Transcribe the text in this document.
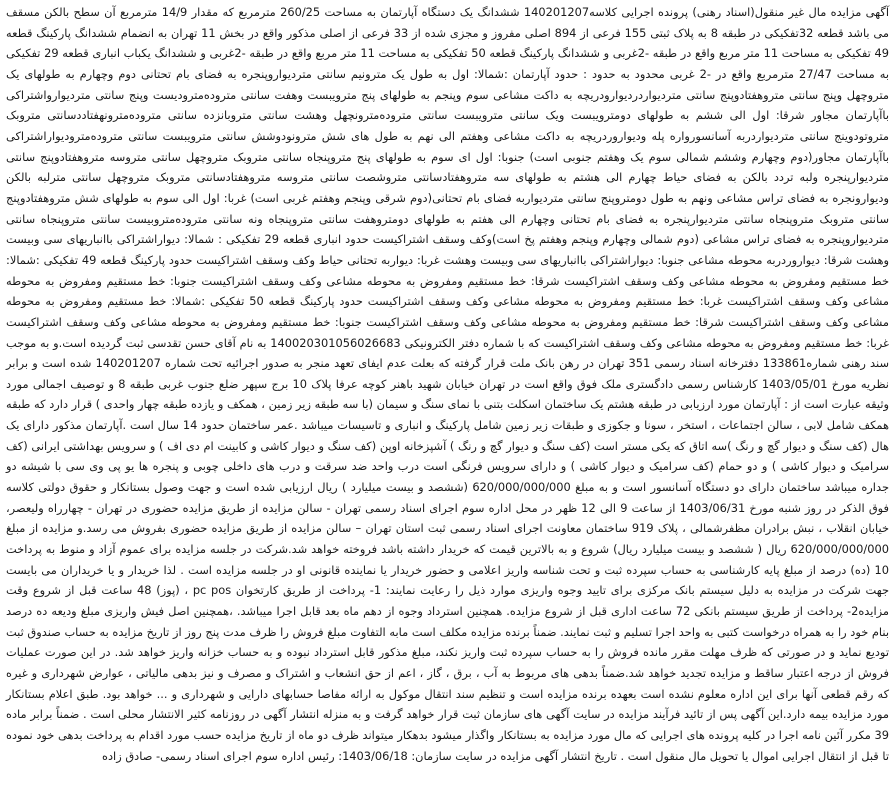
آگهی مزایده مال غیر منقول(اسناد رهنی) پرونده اجرایی کلاسه140201207 ششدانگ یک دستگاه آپارتمان به مساحت 260/25 مترمربع که مقدار 14/9 مترمربع آن سطح بالکن مسقف می باشد قطعه 32تفکیکی در طبقه 8 به پلاک ثبتی 155 فرعی از 894 اصلی مفروز و مجزی شده از 33 فرعی از اصلی مذکور واقع در بخش 11 تهران به انضمام ششدانگ پارکینگ قطعه 49 تفکیکی به مساحت 11 متر مربع واقع در طبقه -2غربی و ششدانگ پارکینگ قطعه 50 تفکیکی به مساحت 11 متر مربع واقع در طبقه -2غربی و ششدانگ یکباب انباری قطعه 29 تفکیکی به مساحت 27/47 مترمربع واقع در -2 غربی محدود به حدود : حدود آپارتمان :شمالا: اول به طول یک مترونیم سانتی متردیواروپنجره به فضای بام تحتانی دوم وچهارم به طولهای یک متروچهل وپنج سانتی متروهفتادوپنج سانتی متردیواردردیوارودریچه به داکت مشاعی سوم وپنجم به طولهای پنج مترویبست وهفت سانتی متروده‌مترودیست وپنج سانتی متردیوارواشتراکی باآپارتمان مجاور شرقا: اول الی ششم به طولهای دومترویبست ویک سانتی مترویبست سانتی متروده‌مترونچهل وهشت سانتی متروبانزده سانتی متروده‌مترونهفتاددسانتی متروبک متروتودوینج سانتی متردیواردربه آسانسورواره پله ودیواروردریچه به داکت مشاعی وهفتم الی نهم به طول های شش مترونودوشش سانتی مترویبست سانتی متروده‌مترودیواراشتراکی باآپارتمان مجاور(دوم وچهارم وششم شمالی سوم یک وهفتم جنوبی است) جنوبا: اول ای سوم به طولهای پنج متروپنجاه سانتی متروبک متروچهل سانتی متروسه متروهفتادوپنج سانتی متردیوارپنجره ولبه تردد بالکن به فضای حیاط چهارم الی هشتم به طولهای سه متروهفتادسانتی متروشصت سانتی متروسه متروهفتادسانتی متروبک متروچهل سانتی مترلبه بالکن ودیوارونجره به فضای تراس مشاعی ونهم به طول دومتروپنج سانتی متردیواربه فضای بام تحتانی(دوم شرقی وپنجم وهفتم غربی است) غربا: اول الی سوم به طولهای شش متروهفتادوپنج سانتی متروبک متروپنجاه سانتی متردیوارپنجره به فضای بام تحتانی وچهارم الی هفتم به طولهای دومتروهفت سانتی متروپنجاه ونه سانتی متروده‌متروبیست سانتی متروپنجاه سانتی متردیواروپنجره به فضای تراس مشاعی (دوم شمالی وچهارم وپنجم وهفتم پخ است)وکف وسقف اشتراکیست حدود انباری قطعه 29 تفکیکی : شمالا: دیواراشتراکی باانباریهای سی وبیست وهشت شرقا: دیواروردربه محوطه مشاعی جنوبا: دیواراشتراکی باانباریهای سی وبیست وهشت غربا: دیواربه تحتانی حیاط وکف وسقف اشتراکیست حدود پارکینگ قطعه 49 تفکیکی :شمالا: خط مستقیم ومفروض به محوطه مشاعی وکف وسقف اشتراکیست شرقا: خط مستقیم ومفروض به محوطه مشاعی وکف وسقف اشتراکیست جنوبا: خط مستقیم ومفروض به محوطه مشاعی وکف وسقف اشتراکیست غربا: خط مستقیم ومفروض به محوطه مشاعی وکف وسقف اشتراکیست حدود پارکینگ قطعه 50 تفکیکی :شمالا: خط مستقیم ومفروض به محوطه مشاعی وکف وسقف اشتراکیست شرقا: خط مستقیم ومفروض به محوطه مشاعی وکف وسقف اشتراکیست جنوبا: خط مستقیم ومفروض به محوطه مشاعی وکف وسقف اشتراکیست غربا: خط مستقیم ومفروض به محوطه مشاعی وکف وسقف اشتراکیست که با شماره دفتر الکترونیکی 140020301056026683 به نام آقای حسن تقدسی ثبت گردیده است.و به موجب سند رهنی شماره133861 دفترخانه اسناد رسمی 351 تهران در رهن بانک ملت قرار گرفته که بعلت عدم ایفای تعهد منجر به صدور اجرائیه تحت شماره 140201207 شده است و برابر نظریه مورخ 1403/05/01 کارشناس رسمی دادگستری ملک فوق واقع است در تهران خیابان شهید باهنر کوچه عرفا پلاک 10 برج سپهر ضلع جنوب غربی طبقه 8 و توصیف اجمالی مورد وثیقه عبارت است از : آپارتمان مورد ارزیابی در طبقه هشتم یک ساختمان اسکلت بتنی با نمای سنگ و سیمان (با سه طبقه زیر زمین ، همکف و یازده طبقه چهار واحدی ) قرار دارد که طبقه همکف شامل لابی ، سالن اجتماعات ، استخر ، سونا و جکوزی و طبقات زیر زمین شامل پارکینگ و انباری و تاسیسات میباشد .عمر ساختمان حدود 14 سال است .آپارتمان مذکور دارای یک هال (کف سنگ و دیوار گچ و رنگ )سه اتاق که یکی مستر است (کف سنگ و دیوار گچ و رنگ ) آشپزخانه اوپن (کف سنگ و دیوار کاشی و کابینت ام دی اف ) و سرویس بهداشتی ایرانی (کف سرامیک و دیوار کاشی ) و دو حمام (کف سرامیک و دیوار کاشی ) و دارای سرویس فرنگی است درب واحد ضد سرقت و درب های داخلی چوبی و پنجره ها یو پی وی سی با شیشه دو جداره میباشد ساختمان دارای دو دستگاه آسانسور است و به مبلغ 620/000/000/000 (ششصد و بیست میلیارد ) ریال ارزیابی شده است و جهت وصول بستانکار و حقوق دولتی کلاسه فوق الذکر در روز شنبه مورخ 1403/06/31 از ساعت 9 الی 12 ظهر در محل اداره سوم اجرای اسناد رسمی تهران - سالن مزایده از طریق مزایده حضوری در تهران - چهارراه ولیعصر، خیابان انقلاب ، نبش برادران مظفرشمالی ، پلاک 919 ساختمان معاونت اجرای اسناد رسمی ثبت استان تهران – سالن مزایده از طریق مزایده حضوری بفروش می رسد.و مزایده از مبلغ 620/000/000/000 ریال ( ششصد و بیست میلیارد ریال) شروع و به بالاترین قیمت که خریدار داشته باشد فروخته خواهد شد.شرکت در جلسه مزایده برای عموم آزاد و منوط به پرداخت 10 (ده) درصد از مبلغ پایه کارشناسی به حساب سپرده ثبت و تحت شناسه واریز اعلامی و حضور خریدار یا نماینده قانونی او در جلسه مزایده است . لذا خریدار و یا خریداران می بایست جهت شرکت در مزایده به دلیل سیستم بانک مرکزی برای تایید وجوه واریزی موارد ذیل را رعایت نمایند: 1- پرداخت از طریق کارتخوان pc pos ، (پوز) 48 ساعت قبل از شروع وقت مزایده2- پرداخت از طریق سیستم بانکی 72 ساعت اداری قبل از شروع مزایده. همچنین استرداد وجوه از دهم ماه بعد قابل اجرا میباشد. ،همچنین اصل فیش واریزی مبلغ ودیعه ده درصد بنام خود را به همراه درخواست کتبی به واحد اجرا تسلیم و ثبت نمایند. ضمناً برنده مزایده مکلف است مابه التفاوت مبلغ فروش را ظرف مدت پنج روز از تاریخ مزایده به حساب صندوق ثبت تودیع نماید و در صورتی که ظرف مهلت مقرر مانده فروش را به حساب سپرده ثبت واریز نکند، مبلغ مذکور قابل استرداد نبوده و به حساب خزانه واریز خواهد شد. در این صورت عملیات فروش از درجه اعتبار ساقط و مزایده تجدید خواهد شد.ضمناً بدهی های مربوط به آب ، برق ، گاز ، اعم از حق انشعاب و اشتراک و مصرف و نیز بدهی مالیاتی ، عوارض شهرداری و غیره که رقم قطعی آنها برای این اداره معلوم نشده است بعهده برنده مزایده است و تنظیم سند انتقال موکول به ارائه مفاصا حسابهای دارایی و شهرداری و ... خواهد بود. طبق اعلام بستانکار مورد مزایده بیمه دارد.این آگهی پس از تائید فرآیند مزایده در سایت آگهی های سازمان ثبت قرار خواهد گرفت و به منزله انتشار آگهی در روزنامه کثیر الانتشار محلی است . ضمناً برابر ماده 39 مکرر آئین نامه اجرا در کلیه پرونده های اجرایی که مال مورد مزایده به بستانکار واگذار میشود بدهکار میتواند ظرف دو ماه از تاریخ مزایده حسب مورد اقدام به پرداخت بدهی خود نموده تا قبل از انتقال اجرایی اموال یا تحویل مال منقول است . تاریخ انتشار آگهی مزایده در سایت سازمان: 1403/06/18: رئیس اداره سوم اجرای اسناد رسمی- صادق زاده
